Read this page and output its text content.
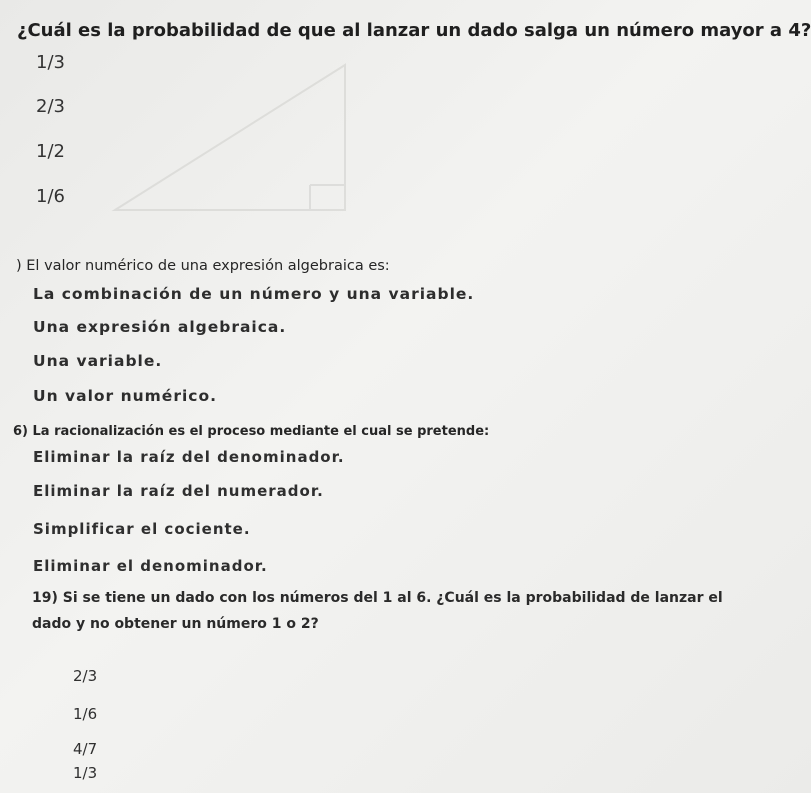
¿Cuál es la probabilidad de que al lanzar un dado salga un número mayor a 4?
1/3
2/3
1/2
1/6
) El valor numérico de una expresión algebraica es:
La combinación de un número y una variable.
Una expresión algebraica.
Una variable.
Un valor numérico.
6) La racionalización es el proceso mediante el cual se pretende:
Eliminar la raíz del denominador.
Eliminar la raíz del numerador.
Simplificar el cociente.
Eliminar el denominador.
19) Si se tiene un dado con los números del 1 al 6. ¿Cuál es la probabilidad de lanzar el
dado y no obtener un número 1 o 2?
2/3
1/6
4/7
1/3
